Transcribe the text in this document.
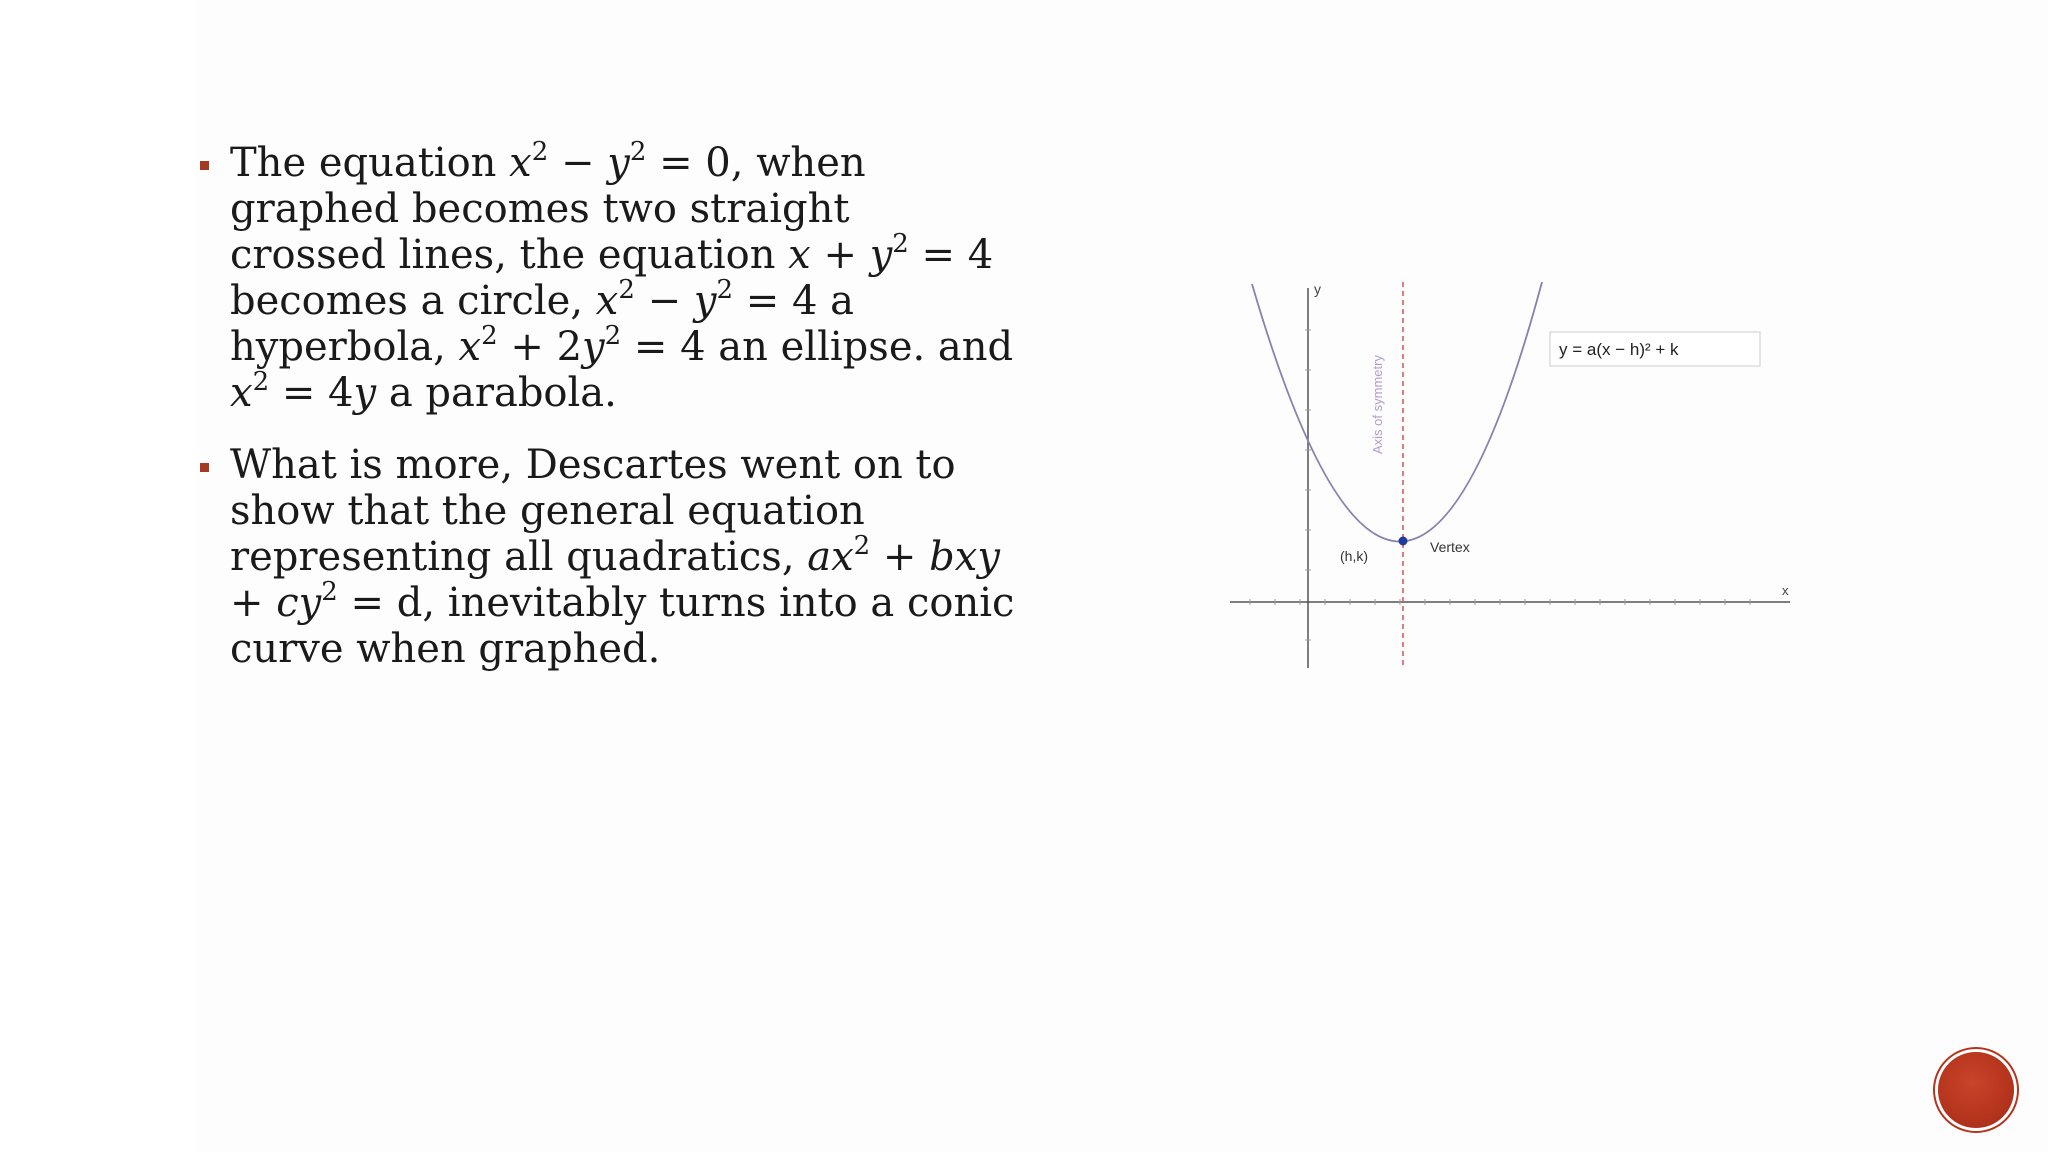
The equation $x^2 - y^2 = 0$, when graphed becomes two straight crossed lines, the equation $x + y^2 = 4$ becomes a circle, $x^2 - y^2 = 4$ a hyperbola, $x^2 + 2y^2 = 4$ an ellipse. and $x^2 = 4y$ a parabola.
What is more, Descartes went on to show that the general equation representing all quadratics, $ax^2$ + bxy + $cy^2 = d$, inevitably turns into a conic curve when graphed.
x
y
Axis of symmetry
(h,k)
Vertex
y = a(x − h)² + k
